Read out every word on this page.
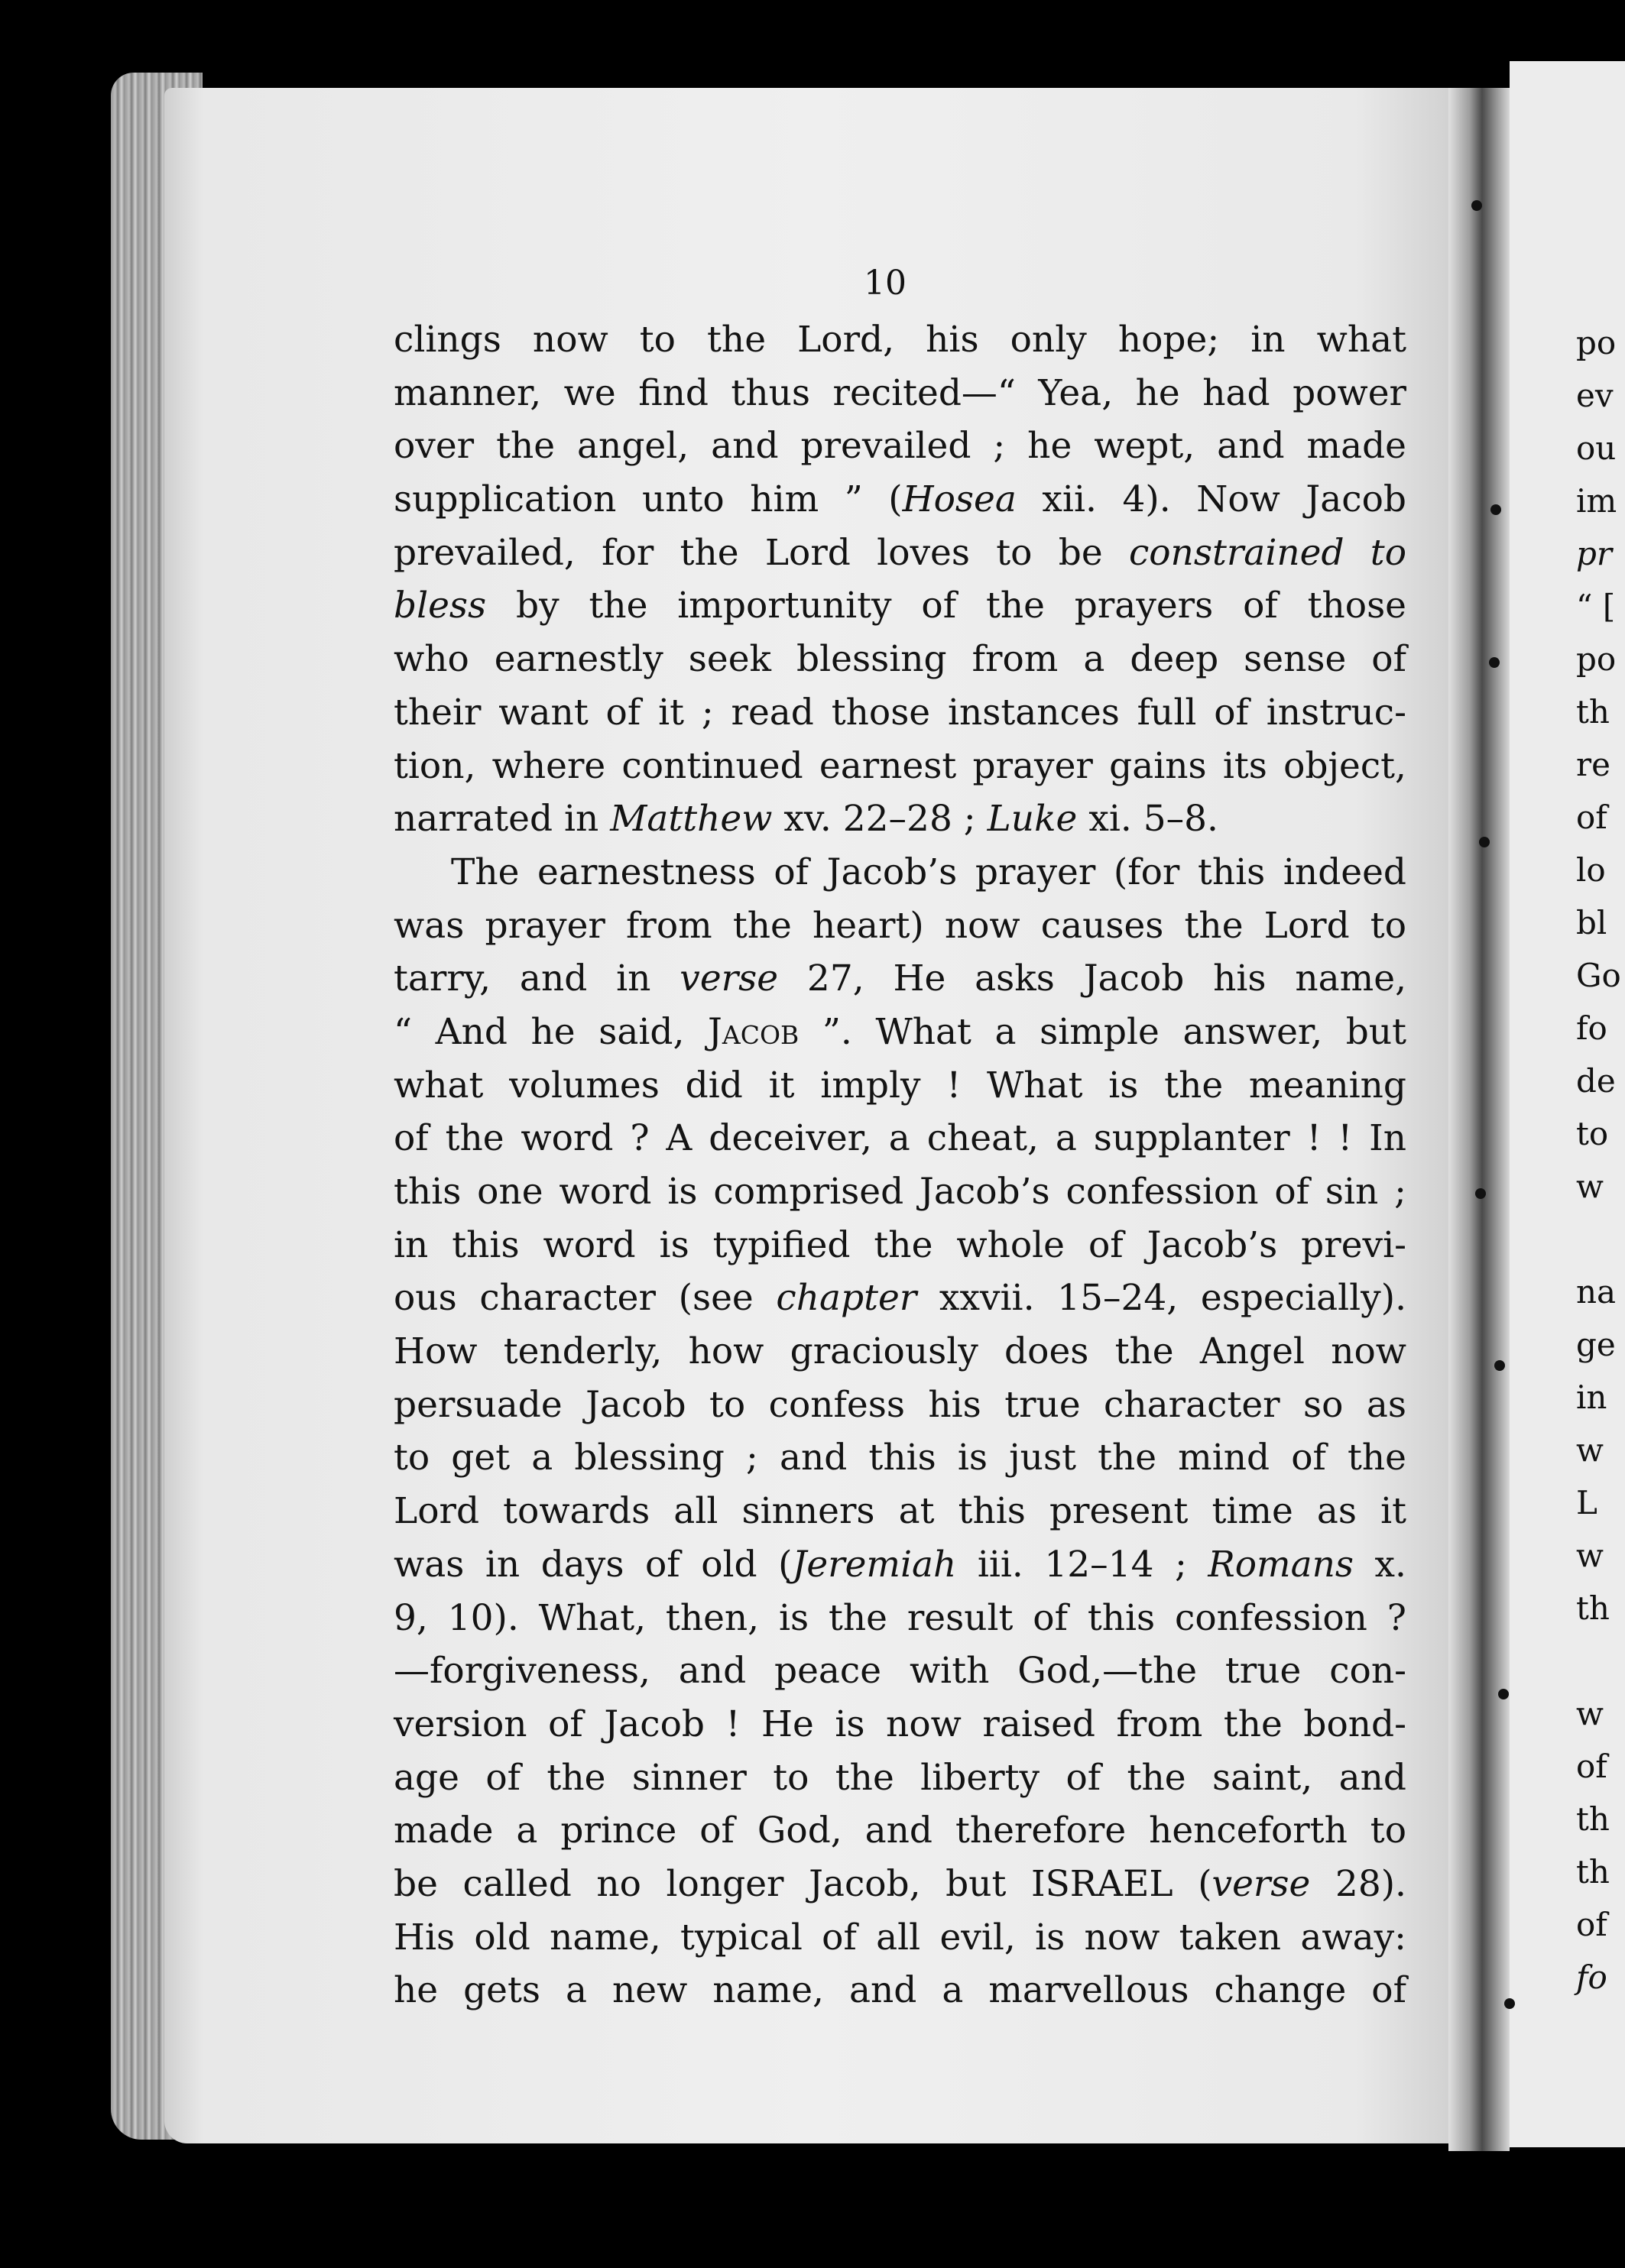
10
clings now to the Lord, his only hope; in what
manner, we find thus recited—“ Yea, he had power
over the angel, and prevailed ; he wept, and made
supplication unto him ” (Hosea xii. 4). Now Jacob
prevailed, for the Lord loves to be constrained to
bless by the importunity of the prayers of those
who earnestly seek blessing from a deep sense of
their want of it ; read those instances full of instruc-
tion, where continued earnest prayer gains its object,
narrated in Matthew xv. 22–28 ; Luke xi. 5–8.
The earnestness of Jacob’s prayer (for this indeed
was prayer from the heart) now causes the Lord to
tarry, and in verse 27, He asks Jacob his name,
“ And he said, Jacob ”. What a simple answer, but
what volumes did it imply ! What is the meaning
of the word ? A deceiver, a cheat, a supplanter ! ! In
this one word is comprised Jacob’s confession of sin ;
in this word is typified the whole of Jacob’s previ-
ous character (see chapter xxvii. 15–24, especially).
How tenderly, how graciously does the Angel now
persuade Jacob to confess his true character so as
to get a blessing ; and this is just the mind of the
Lord towards all sinners at this present time as it
was in days of old (Jeremiah iii. 12–14 ; Romans x.
9, 10). What, then, is the result of this confession ?
—forgiveness, and peace with God,—the true con-
version of Jacob ! He is now raised from the bond-
age of the sinner to the liberty of the saint, and
made a prince of God, and therefore henceforth to
be called no longer Jacob, but ISRAEL (verse 28).
His old name, typical of all evil, is now taken away:
he gets a new name, and a marvellous change of
po
ev
ou
im
pr
“ [
po
th
re
of
lo
bl
Go
fo
de
to
w
na
ge
in
w
L
w
th
w
of
th
th
of
fo
